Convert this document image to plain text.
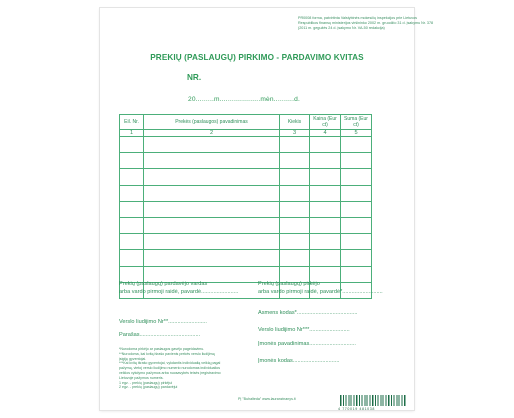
PR0008 forma, patvirtinta Valstybinės mokesčių inspekcijos prie Lietuvos
Respublikos finansų ministerijos viršininko 2002 m. gruodžio 31 d. įsakymu Nr. 378
(2011 m. gegužės 24 d. įsakymo Nr. VA-50 redakcija)
PREKIŲ (PASLAUGŲ) PIRKIMO - PARDAVIMO KVITAS
NR.
20.........m....................mėn..........d.
Eil. Nr.	Prekės (paslaugos) pavadinimas	Kiekis	Kaina (Eur ct)	Suma (Eur ct)
1	2	3	4	5

Prekių (paslaugų) pardavėjo vardas
arba vardo pirmoji raidė, pavardė........................
Prekių (paslaugų) pirkėjo
arba vardo pirmoji raidė, pavardė*..........................
Asmens kodas*.......................................
Verslo liudijimo Nr**.........................
Verslo liudijimo Nr***..........................
Parašas.......................................
Įmonės pavadinimas..............................
Įmonės kodas..............................
*Nurodoma pirkėjo ar paslaugos gavėjo pageidavimu.
**Nurodoma, kai kvitą išrašo pavienis prekės verslo liudijimą
įsigiję gyventojai.
***Kai kvitą išrašo gyventojai, vykdantis individualią veiklą pagal
pažymą, vietoj verslo liudijimo numerio nurodomas individualios
veiklos vykdymo pažymos arba nuosavybės teisės įregistravimo
Lietuvoje pažymos numeris.
1 egz. - prekių (paslaugų) pirkėjui
2 egz. - prekių (paslaugų) pardavėjui
PĮ "Buhalteda" www.lauranzinanys.lt
4 770019 481038
